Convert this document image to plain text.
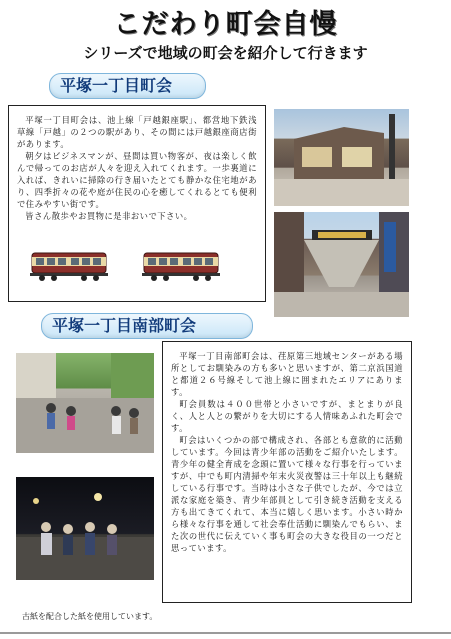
こだわり町会自慢
シリーズで地域の町会を紹介して行きます
平塚一丁目町会

平塚一丁目町会は、池上線「戸越銀座駅」、都営地下鉄浅草線「戸越」の２つの駅があり、その間には戸越銀座商店街があります。

朝夕はビジネスマンが、昼間は買い物客が、夜は楽しく飲んで帰ってのお店が人々を迎え入れてくれます。一歩裏道に入れば、きれいに掃除の行き届いたとても静かな住宅地があり、四季折々の花や庭が住民の心を癒してくれるとても便利で住みやすい街です。

皆さん散歩やお買物に是非おいで下さい。

平塚一丁目南部町会

平塚一丁目南部町会は、荏原第三地域センターがある場所としてお馴染みの方も多いと思いますが、第二京浜国道と都道２６号線そして池上線に囲まれたエリアにあります。

町会員数は４００世帯と小さいですが、まとまりが良く、人と人との繋がりを大切にする人情味あふれた町会です。

町会はいくつかの部で構成され、各部とも意欲的に活動しています。今回は青少年部の活動をご紹介いたします。青少年の健全育成を念頭に置いて様々な行事を行っていますが、中でも町内清掃や年末火災夜警は三十年以上も継続している行事です。当時は小さな子供でしたが、今では立派な家庭を築き、青少年部員として引き続き活動を支える方も出てきてくれて、本当に嬉しく思います。小さい時から様々な行事を通して社会奉仕活動に馴染んでもらい、また次の世代に伝えていく事も町会の大きな役目の一つだと思っています。

古紙を配合した紙を使用しています。
